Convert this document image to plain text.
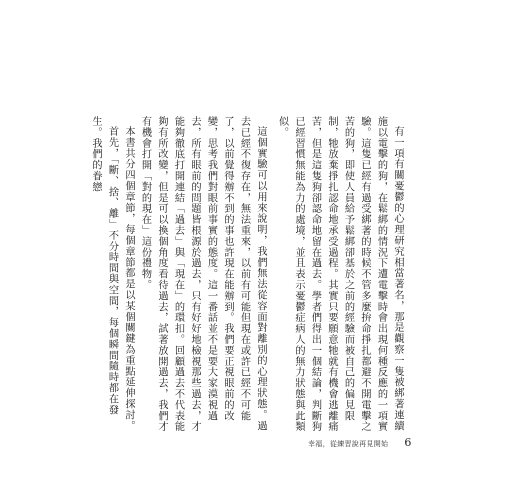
有一項有關憂鬱的心理研究相當著名，那是觀察一隻被綁著連續施以電擊的狗，在鬆綁的情況下遭電擊時會出現何種反應的一項實驗。這隻已經有過受綁著的時候不管多麼拚命掙扎都避不開電擊之苦的狗，即使人員給予鬆綁卻基於之前的經驗而被自己的偏見限制，牠放棄掙扎認命地承受過程。其實只要願意牠就有機會逃離痛苦，但是這隻狗卻認命地留在過去。學者們得出一個結論，判斷狗已經習慣無能為力的處境，並且表示憂鬱症病人的無力狀態與此類似。

這個實驗可以用來說明，我們無法從容面對離別的心理狀態。過去已經不復存在，無法重來，以前有可能但現在或許已經不可能了，以前覺得辦不到的事也許現在能辦到。我們要正視眼前的改變，思考我們對眼前事實的態度。這一番話並不是要大家漠視過去，所有眼前的問題皆根源於過去，只有好好地檢視那些過去，才能夠徹底打開連結「過去」與「現在」的環扣。回顧過去不代表能夠有所改變，但是可以換個角度看待過去，試著放開過去，我們才有機會打開「對的現在」這份禮物。

本書共分四個章節，每個章節都是以某個關鍵為重點延伸探討。

首先，「斷、捨、離」不分時間與空間，每個瞬間隨時都在發生。我們的眷戀

幸福，從練習說再見開始 6
